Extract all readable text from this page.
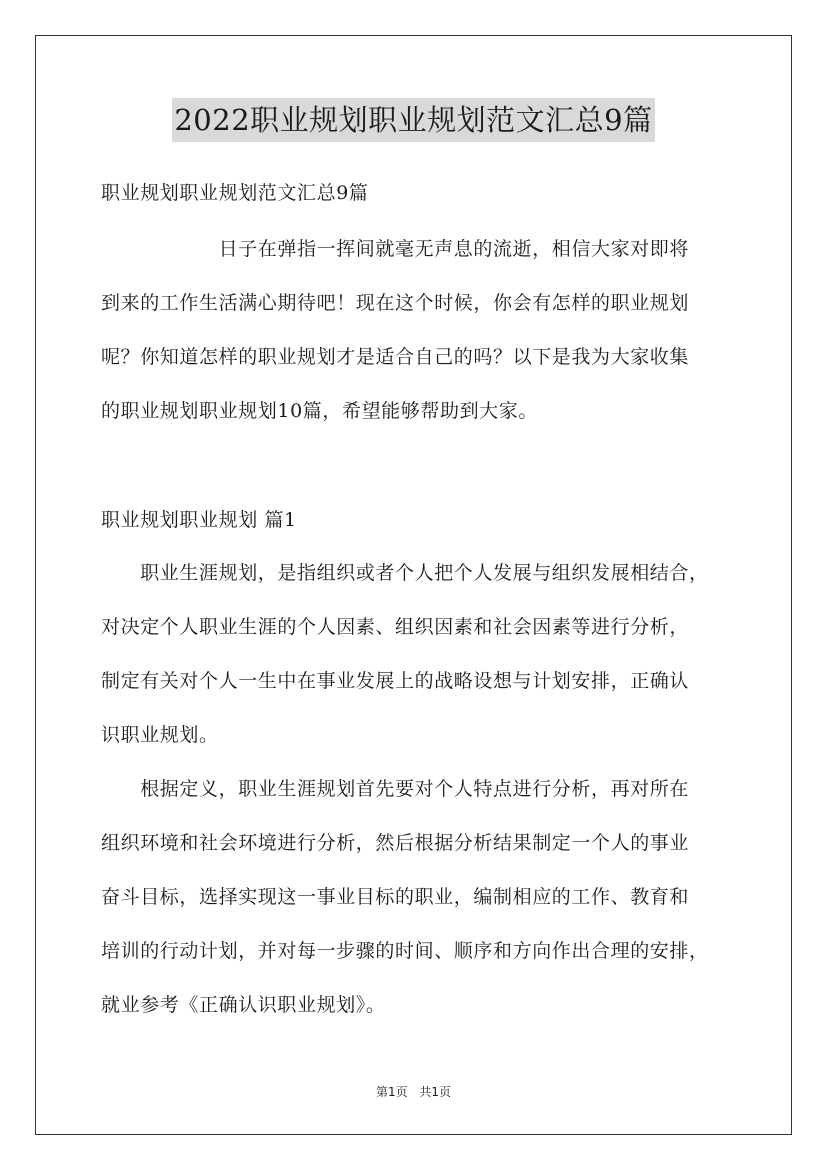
2022职业规划职业规划范文汇总9篇
职业规划职业规划范文汇总9篇
　　　　　　日子在弹指一挥间就毫无声息的流逝，相信大家对即将
到来的工作生活满心期待吧！现在这个时候，你会有怎样的职业规划
呢？你知道怎样的职业规划才是适合自己的吗？以下是我为大家收集
的职业规划职业规划10篇，希望能够帮助到大家。
职业规划职业规划 篇1
　　职业生涯规划，是指组织或者个人把个人发展与组织发展相结合，
对决定个人职业生涯的个人因素、组织因素和社会因素等进行分析，
制定有关对个人一生中在事业发展上的战略设想与计划安排，正确认
识职业规划。
　　根据定义，职业生涯规划首先要对个人特点进行分析，再对所在
组织环境和社会环境进行分析，然后根据分析结果制定一个人的事业
奋斗目标，选择实现这一事业目标的职业，编制相应的工作、教育和
培训的行动计划，并对每一步骤的时间、顺序和方向作出合理的安排，
就业参考《正确认识职业规划》。
第1页 共1页
